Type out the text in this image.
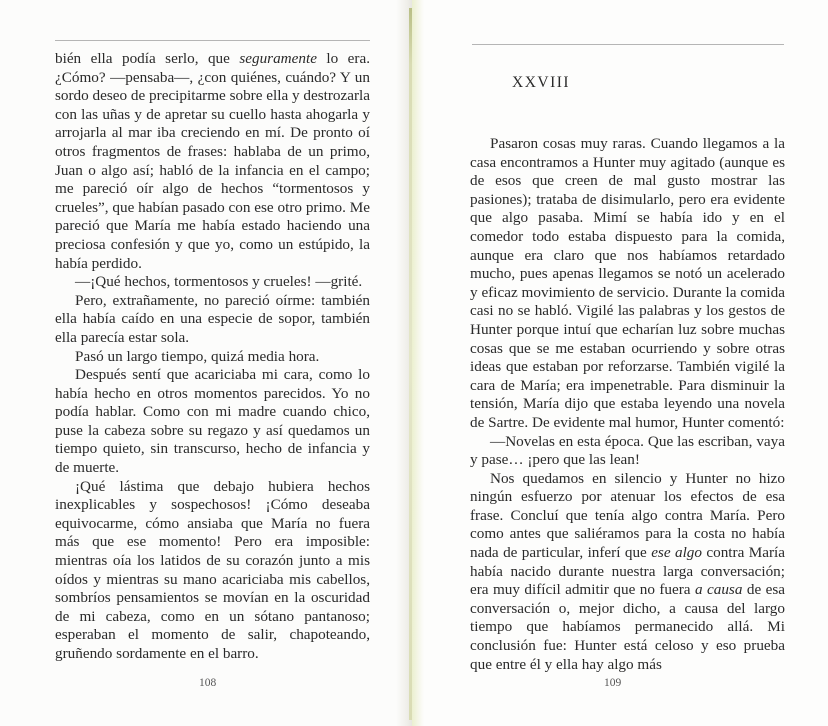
bién ella podía serlo, que seguramente lo era. ¿Cómo? —pensaba—, ¿con quiénes, cuándo? Y un sordo deseo de precipitarme sobre ella y destrozarla con las uñas y de apretar su cuello hasta ahogarla y arrojarla al mar iba creciendo en mí. De pronto oí otros fragmentos de frases: hablaba de un primo, Juan o algo así; habló de la infancia en el campo; me pareció oír algo de hechos “tormentosos y crueles”, que habían pasado con ese otro primo. Me pareció que María me había estado haciendo una preciosa confesión y que yo, como un estúpido, la había perdido.

—¡Qué hechos, tormentosos y crueles! —grité.

Pero, extrañamente, no pareció oírme: también ella había caído en una especie de sopor, también ella parecía estar sola.

Pasó un largo tiempo, quizá media hora.

Después sentí que acariciaba mi cara, como lo había hecho en otros momentos parecidos. Yo no podía hablar. Como con mi madre cuando chico, puse la cabeza sobre su regazo y así quedamos un tiempo quieto, sin transcurso, hecho de infancia y de muerte.

¡Qué lástima que debajo hubiera hechos inexplicables y sospechosos! ¡Cómo deseaba equivocarme, cómo ansiaba que María no fuera más que ese momento! Pero era imposible: mientras oía los latidos de su corazón junto a mis oídos y mientras su mano acariciaba mis cabellos, sombríos pensamientos se movían en la oscuridad de mi cabeza, como en un sótano pantanoso; esperaban el momento de salir, chapoteando, gruñendo sordamente en el barro.

108
XXVIII

Pasaron cosas muy raras. Cuando llegamos a la casa encontramos a Hunter muy agitado (aunque es de esos que creen de mal gusto mostrar las pasiones); trataba de disimularlo, pero era evidente que algo pasaba. Mimí se había ido y en el comedor todo estaba dispuesto para la comida, aunque era claro que nos habíamos retardado mucho, pues apenas llegamos se notó un acelerado y eficaz movimiento de servicio. Durante la comida casi no se habló. Vigilé las palabras y los gestos de Hunter porque intuí que echarían luz sobre muchas cosas que se me estaban ocurriendo y sobre otras ideas que estaban por reforzarse. También vigilé la cara de María; era impenetrable. Para disminuir la tensión, María dijo que estaba leyendo una novela de Sartre. De evidente mal humor, Hunter comentó:

—Novelas en esta época. Que las escriban, vaya y pase… ¡pero que las lean!

Nos quedamos en silencio y Hunter no hizo ningún esfuerzo por atenuar los efectos de esa frase. Concluí que tenía algo contra María. Pero como antes que saliéramos para la costa no había nada de particular, inferí que ese algo contra María había nacido durante nuestra larga conversación; era muy difícil admitir que no fuera a causa de esa conversación o, mejor dicho, a causa del largo tiempo que habíamos permanecido allá. Mi conclusión fue: Hunter está celoso y eso prueba que entre él y ella hay algo más

109
